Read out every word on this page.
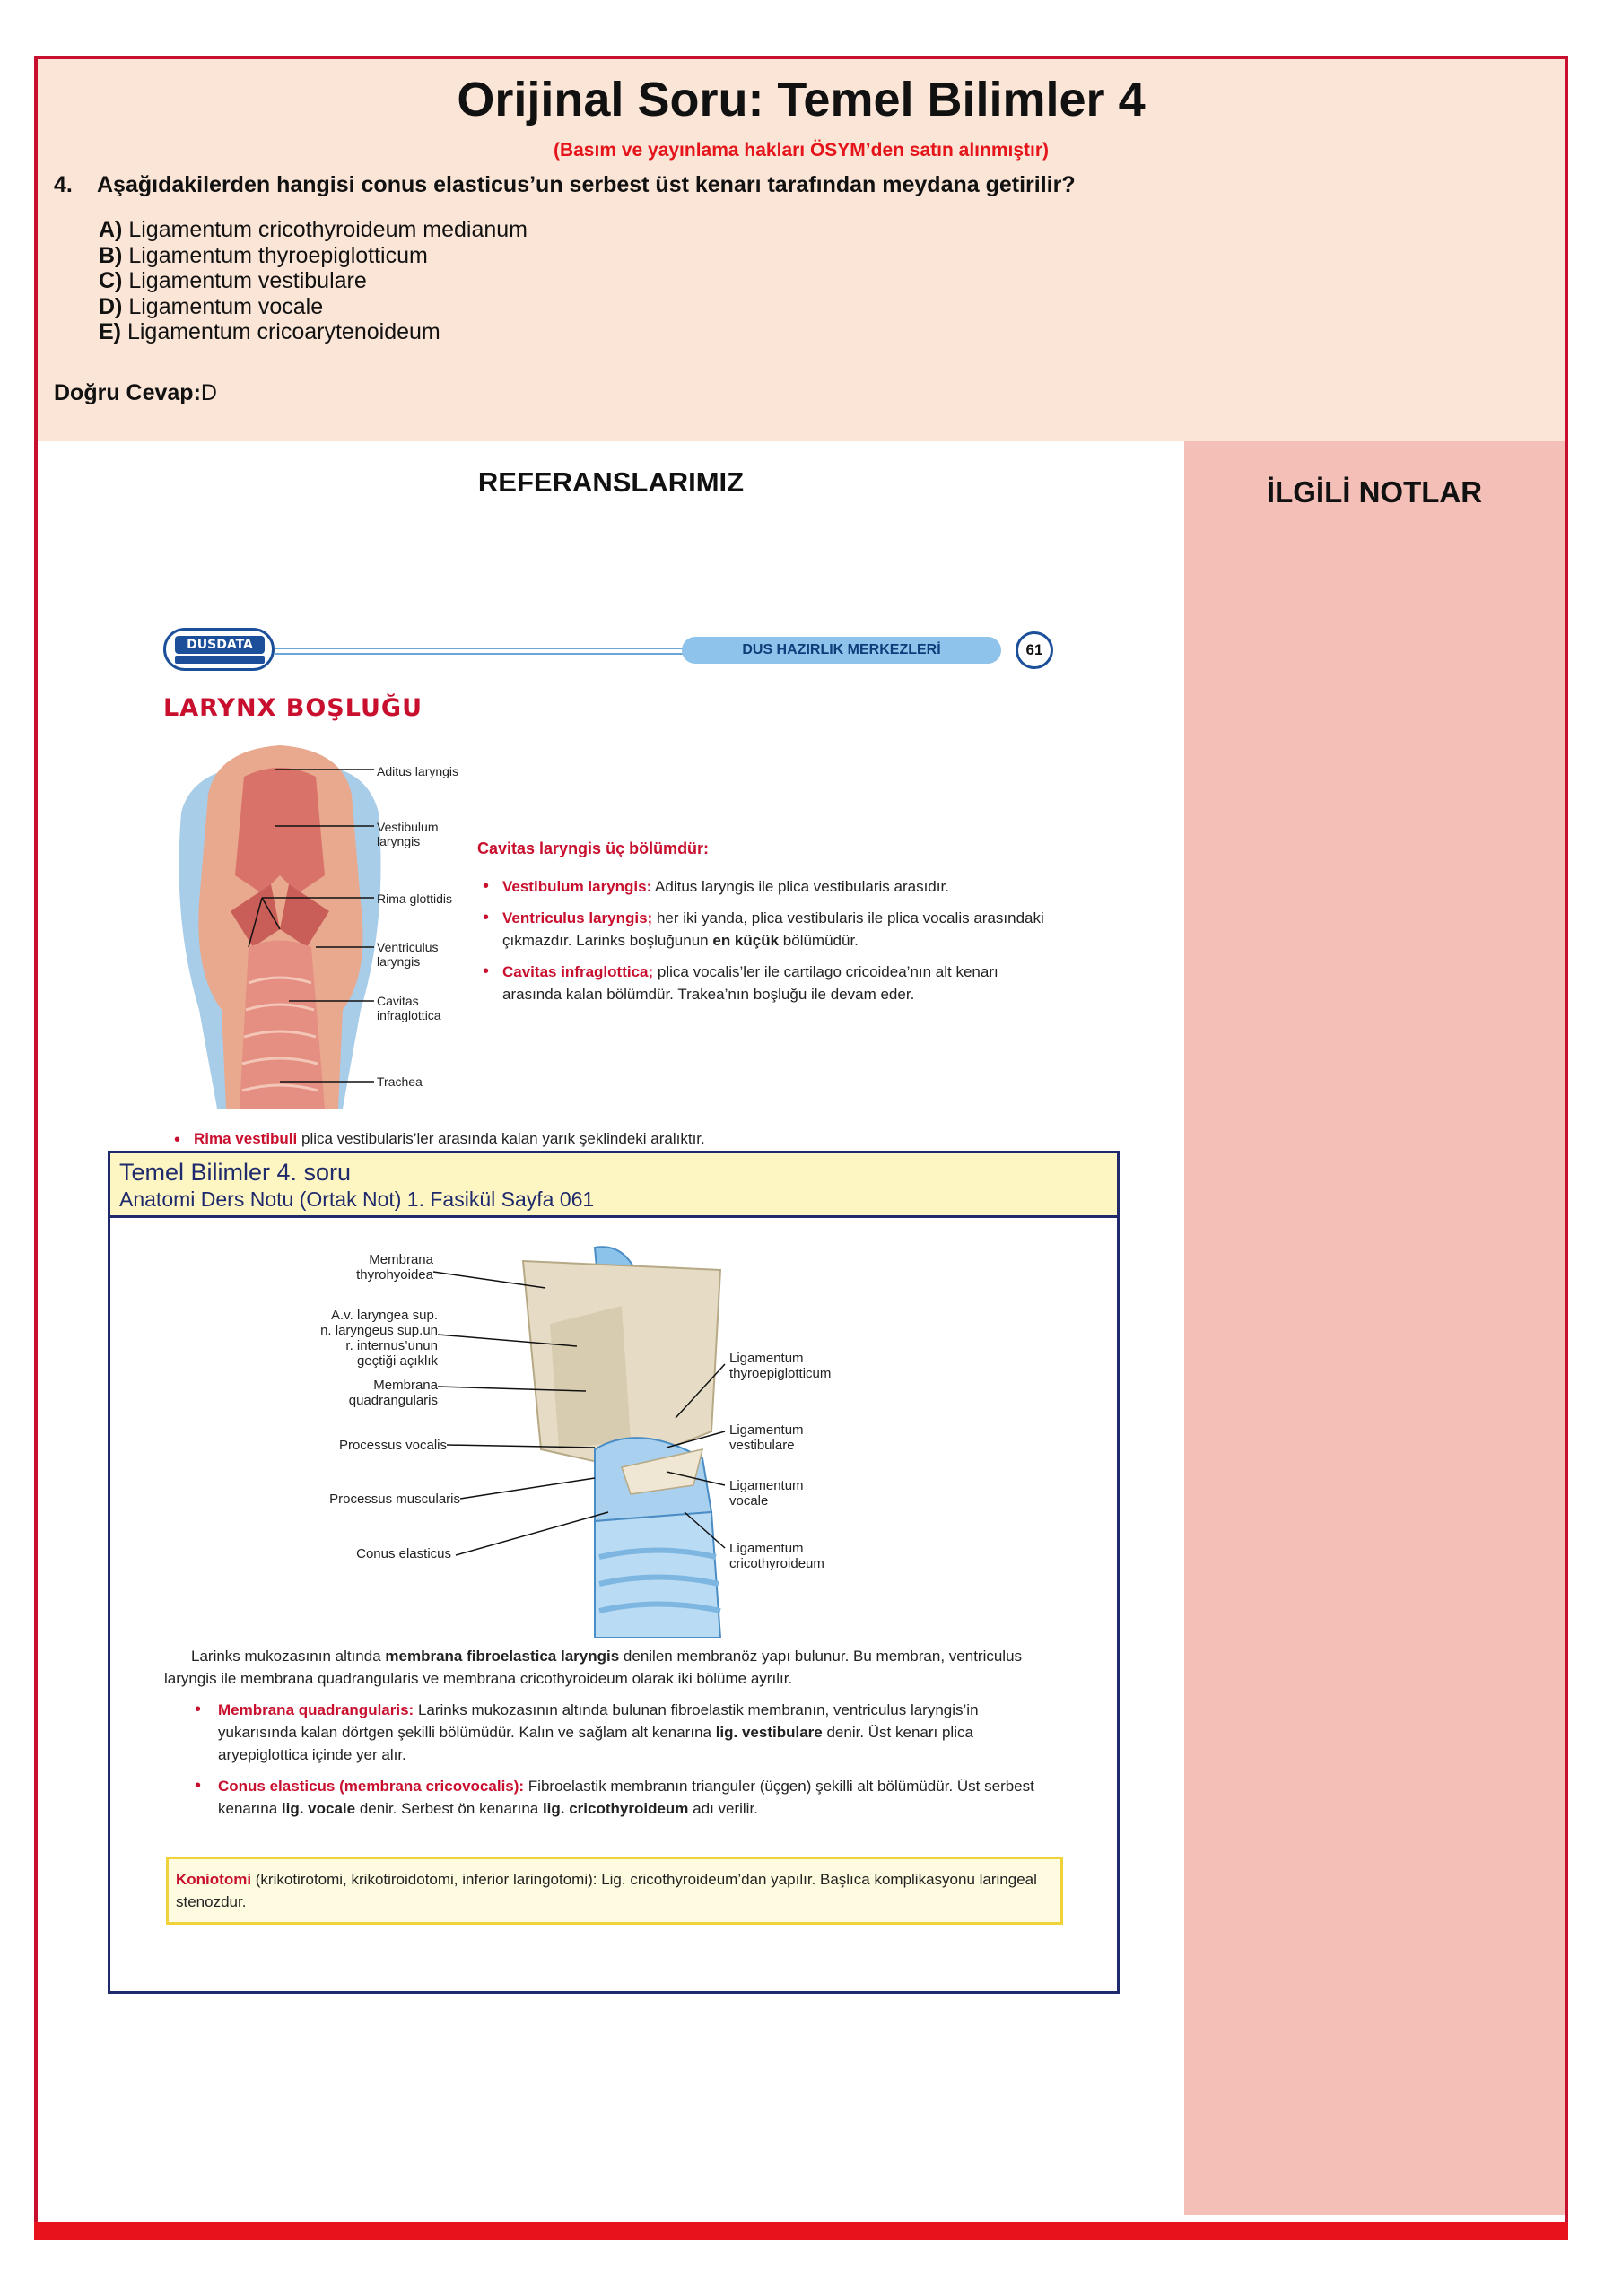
Orijinal Soru: Temel Bilimler 4
(Basım ve yayınlama hakları ÖSYM’den satın alınmıştır)
4. Aşağıdakilerden hangisi conus elasticus’un serbest üst kenarı tarafından meydana getirilir?
A) Ligamentum cricothyroideum medianum
B) Ligamentum thyroepiglotticum
C) Ligamentum vestibulare
D) Ligamentum vocale
E) Ligamentum cricoarytenoideum
Doğru Cevap:D
REFERANSLARIMIZ	İLGİLİ NOTLAR
DUSDATA	DUS HAZIRLIK MERKEZLERİ	61
LARYNX BOŞLUĞU
Aditus laryngis
Vestibulum laryngis
Rima glottidis
Ventriculus laryngis
Cavitas infraglottica
Trachea
Cavitas laryngis üç bölümdür:
• Vestibulum laryngis: Aditus laryngis ile plica vestibularis arasıdır.
• Ventriculus laryngis; her iki yanda, plica vestibularis ile plica vocalis arasındaki çıkmazdır. Larinks boşluğunun en küçük bölümüdür.
• Cavitas infraglottica; plica vocalis’ler ile cartilago cricoidea’nın alt kenarı arasında kalan bölümdür. Trakea’nın boşluğu ile devam eder.
• Rima vestibuli plica vestibularis’ler arasında kalan yarık şeklindeki aralıktır.
Temel Bilimler 4. soru
Anatomi Ders Notu (Ortak Not) 1. Fasikül Sayfa 061
Membrana thyrohyoidea
A.v. laryngea sup. n. laryngeus sup.un r. internus’unun geçtiği açıklık
Membrana quadrangularis
Processus vocalis
Processus muscularis
Conus elasticus
Ligamentum thyroepiglotticum
Ligamentum vestibulare
Ligamentum vocale
Ligamentum cricothyroideum
Larinks mukozasının altında membrana fibroelastica laryngis denilen membranöz yapı bulunur. Bu membran, ventriculus laryngis ile membrana quadrangularis ve membrana cricothyroideum olarak iki bölüme ayrılır.
• Membrana quadrangularis: Larinks mukozasının altında bulunan fibroelastik membranın, ventriculus laryngis’in yukarısında kalan dörtgen şekilli bölümüdür. Kalın ve sağlam alt kenarına lig. vestibulare denir. Üst kenarı plica aryepiglottica içinde yer alır.
• Conus elasticus (membrana cricovocalis): Fibroelastik membranın trianguler (üçgen) şekilli alt bölümüdür. Üst serbest kenarına lig. vocale denir. Serbest ön kenarına lig. cricothyroideum adı verilir.
Koniotomi (krikotirotomi, krikotiroidotomi, inferior laringotomi): Lig. cricothyroideum’dan yapılır. Başlıca komplikasyonu laringeal stenozdur.
